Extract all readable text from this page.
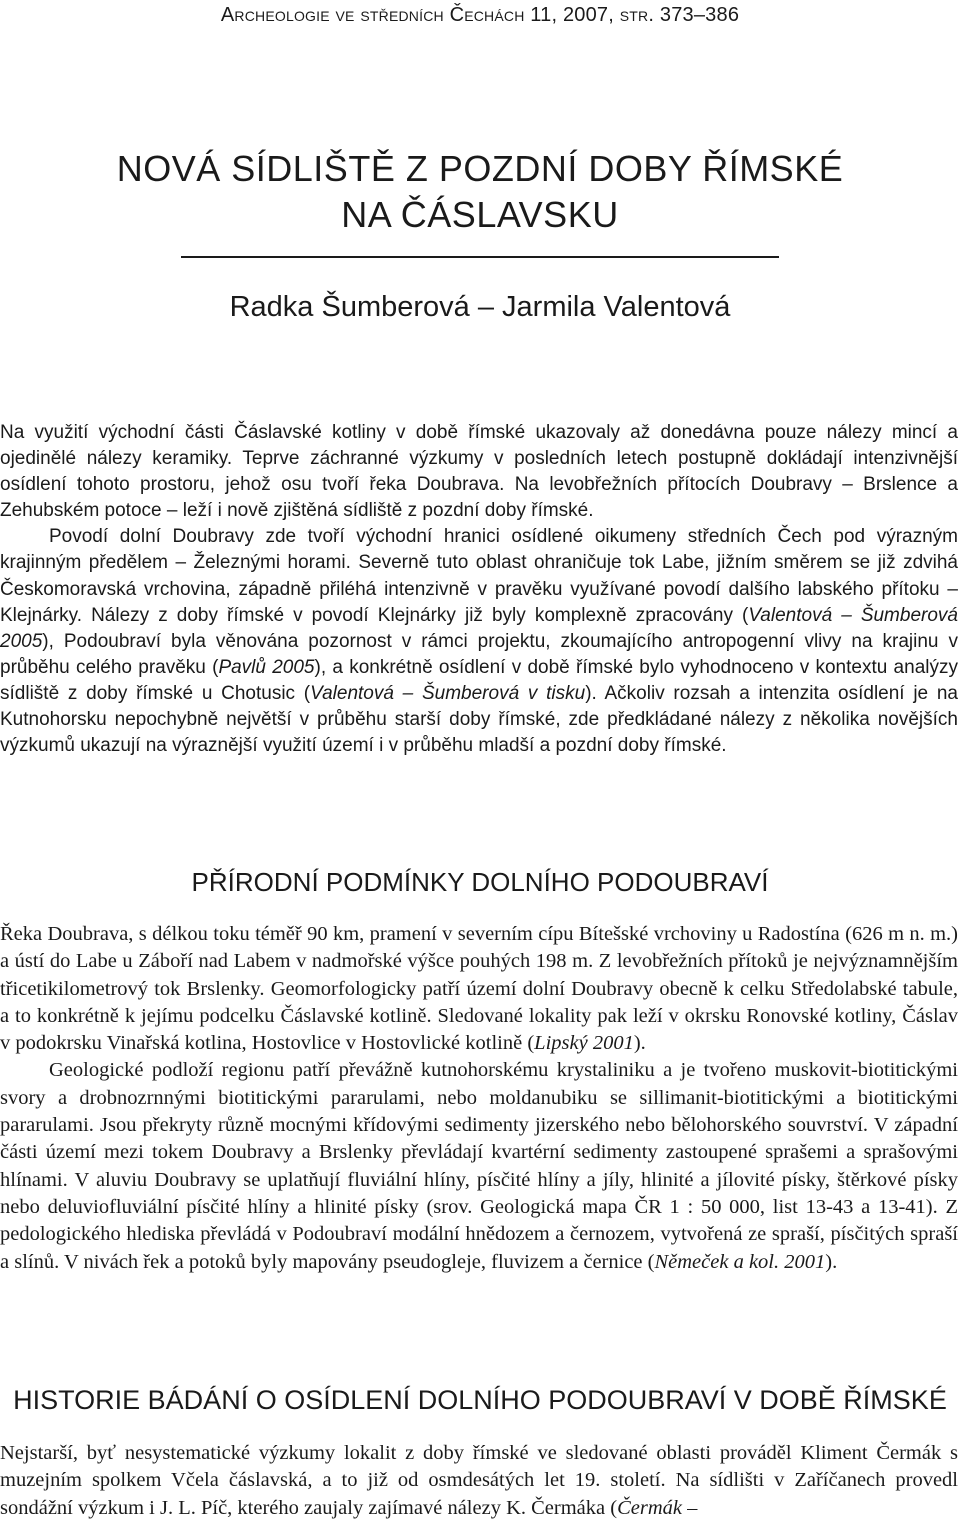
Archeologie ve středních Čechách 11, 2007, str. 373–386
NOVÁ SÍDLIŠTĚ Z POZDNÍ DOBY ŘÍMSKÉ
NA ČÁSLAVSKU
Radka Šumberová – Jarmila Valentová

Na využití východní části Čáslavské kotliny v době římské ukazovaly až donedávna pouze nálezy mincí a ojedinělé nálezy keramiky. Teprve záchranné výzkumy v posledních letech postupně dokládají intenzivnější osídlení tohoto prostoru, jehož osu tvoří řeka Doubrava. Na levobřežních přítocích Doubravy – Brslence a Zehubském potoce – leží i nově zjištěná sídliště z pozdní doby římské.

Povodí dolní Doubravy zde tvoří východní hranici osídlené oikumeny středních Čech pod výrazným krajinným předělem – Železnými horami. Severně tuto oblast ohraničuje tok Labe, jižním směrem se již zdvihá Českomoravská vrchovina, západně přiléhá intenzivně v pravěku využívané povodí dalšího labského přítoku – Klejnárky. Nálezy z doby římské v povodí Klejnárky již byly komplexně zpracovány (Valentová – Šumberová 2005), Podoubraví byla věnována pozornost v rámci projektu, zkoumajícího antropogenní vlivy na krajinu v průběhu celého pravěku (Pavlů 2005), a konkrétně osídlení v době římské bylo vyhodnoceno v kontextu analýzy sídliště z doby římské u Chotusic (Valentová – Šumberová v tisku). Ačkoliv rozsah a intenzita osídlení je na Kutnohorsku nepochybně největší v průběhu starší doby římské, zde předkládané nálezy z několika novějších výzkumů ukazují na výraznější využití území i v průběhu mladší a pozdní doby římské.

PŘÍRODNÍ PODMÍNKY DOLNÍHO PODOUBRAVÍ

Řeka Doubrava, s délkou toku téměř 90 km, pramení v severním cípu Bítešské vrchoviny u Radostína (626 m n. m.) a ústí do Labe u Záboří nad Labem v nadmořské výšce pouhých 198 m. Z levobřežních přítoků je nejvýznamnějším třicetikilometrový tok Brslenky. Geomorfologicky patří území dolní Doubravy obecně k celku Středolabské tabule, a to konkrétně k jejímu podcelku Čáslavské kotlině. Sledované lokality pak leží v okrsku Ronovské kotliny, Čáslav v podokrsku Vinařská kotlina, Hostovlice v Hostovlické kotlině (Lipský 2001).

Geologické podloží regionu patří převážně kutnohorskému krystaliniku a je tvořeno muskovit-biotitickými svory a drobnozrnnými biotitickými pararulami, nebo moldanubiku se sillimanit-biotitickými a biotitickými pararulami. Jsou překryty různě mocnými křídovými sedimenty jizerského nebo bělohorského souvrství. V západní části území mezi tokem Doubravy a Brslenky převládají kvartérní sedimenty zastoupené sprašemi a sprašovými hlínami. V aluviu Doubravy se uplatňují fluviální hlíny, písčité hlíny a jíly, hlinité a jílovité písky, štěrkové písky nebo deluviofluviální písčité hlíny a hlinité písky (srov. Geologická mapa ČR 1 : 50 000, list 13-43 a 13-41). Z pedologického hlediska převládá v Podoubraví modální hnědozem a černozem, vytvořená ze spraší, písčitých spraší a slínů. V nivách řek a potoků byly mapovány pseudogleje, fluvizem a černice (Němeček a kol. 2001).

HISTORIE BÁDÁNÍ O OSÍDLENÍ DOLNÍHO PODOUBRAVÍ V DOBĚ ŘÍMSKÉ

Nejstarší, byť nesystematické výzkumy lokalit z doby římské ve sledované oblasti prováděl Kliment Čermák s muzejním spolkem Včela čáslavská, a to již od osmdesátých let 19. století. Na sídlišti v Zaříčanech provedl sondážní výzkum i J. L. Píč, kterého zaujaly zajímavé nálezy K. Čermáka (Čermák –
